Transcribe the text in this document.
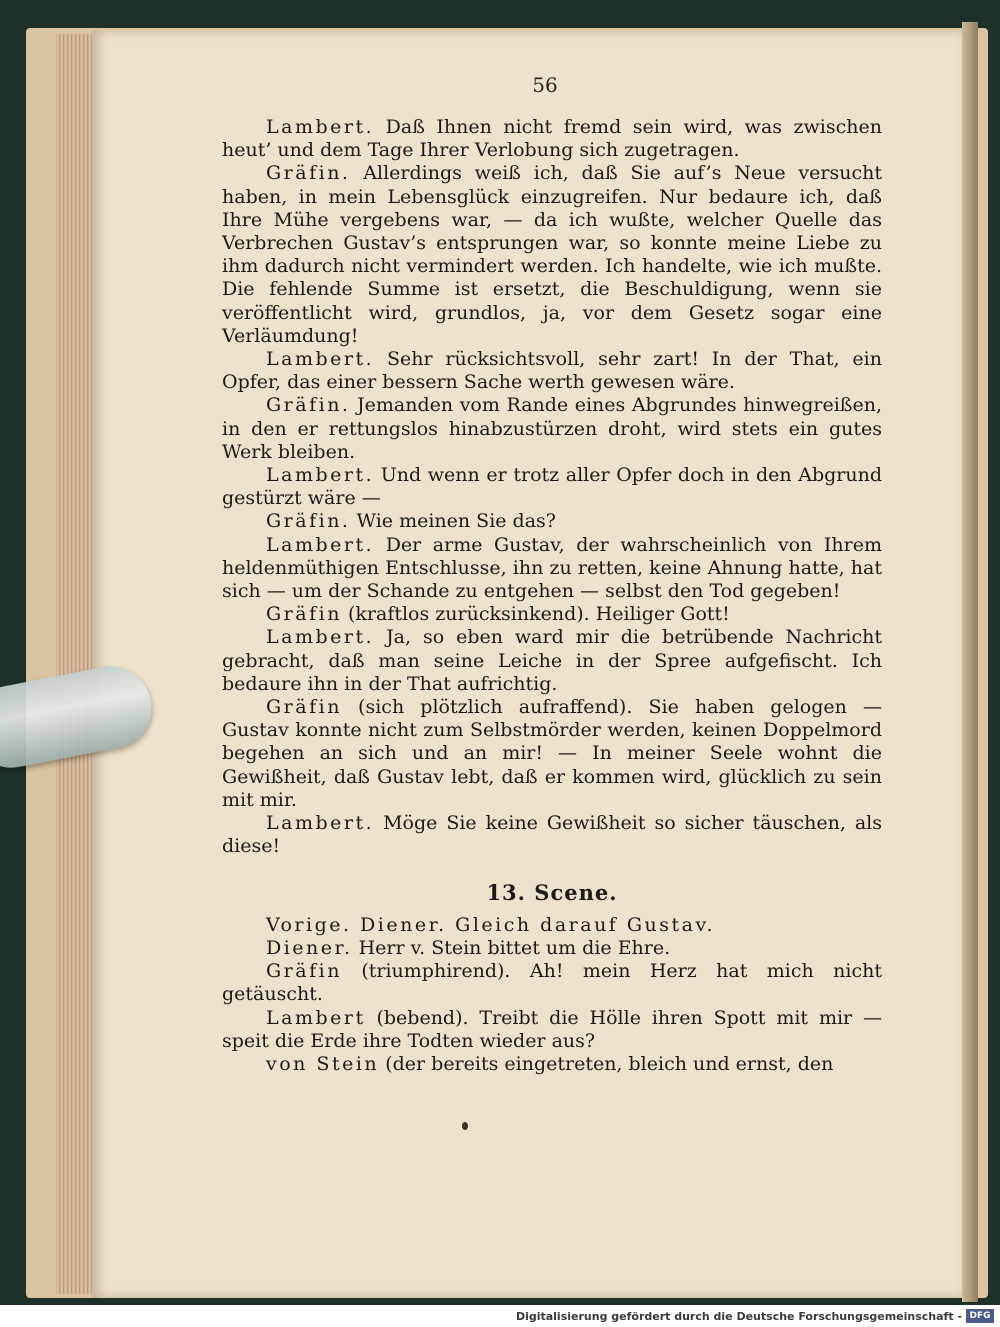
56

Lambert. Daß Ihnen nicht fremd sein wird, was zwischen heut’ und dem Tage Ihrer Verlobung sich zugetragen.

Gräfin. Allerdings weiß ich, daß Sie auf’s Neue versucht haben, in mein Lebensglück einzugreifen. Nur bedaure ich, daß Ihre Mühe vergebens war, — da ich wußte, welcher Quelle das Verbrechen Gustav’s entsprungen war, so konnte meine Liebe zu ihm dadurch nicht vermindert werden. Ich handelte, wie ich mußte. Die fehlende Summe ist ersetzt, die Beschuldigung, wenn sie veröffentlicht wird, grundlos, ja, vor dem Gesetz sogar eine Verläumdung!

Lambert. Sehr rücksichtsvoll, sehr zart! In der That, ein Opfer, das einer bessern Sache werth gewesen wäre.

Gräfin. Jemanden vom Rande eines Abgrundes hinwegreißen, in den er rettungslos hinabzustürzen droht, wird stets ein gutes Werk bleiben.

Lambert. Und wenn er trotz aller Opfer doch in den Abgrund gestürzt wäre —

Gräfin. Wie meinen Sie das?

Lambert. Der arme Gustav, der wahrscheinlich von Ihrem heldenmüthigen Entschlusse, ihn zu retten, keine Ahnung hatte, hat sich — um der Schande zu entgehen — selbst den Tod gegeben!

Gräfin (kraftlos zurücksinkend). Heiliger Gott!

Lambert. Ja, so eben ward mir die betrübende Nachricht gebracht, daß man seine Leiche in der Spree aufgefischt. Ich bedaure ihn in der That aufrichtig.

Gräfin (sich plötzlich aufraffend). Sie haben gelogen — Gustav konnte nicht zum Selbstmörder werden, keinen Doppelmord begehen an sich und an mir! — In meiner Seele wohnt die Gewißheit, daß Gustav lebt, daß er kommen wird, glücklich zu sein mit mir.

Lambert. Möge Sie keine Gewißheit so sicher täuschen, als diese!

13. Scene.

Vorige. Diener. Gleich darauf Gustav.

Diener. Herr v. Stein bittet um die Ehre.

Gräfin (triumphirend). Ah! mein Herz hat mich nicht getäuscht.

Lambert (bebend). Treibt die Hölle ihren Spott mit mir — speit die Erde ihre Todten wieder aus?

von Stein (der bereits eingetreten, bleich und ernst, den

Digitalisierung gefördert durch die Deutsche Forschungsgemeinschaft - DFG
